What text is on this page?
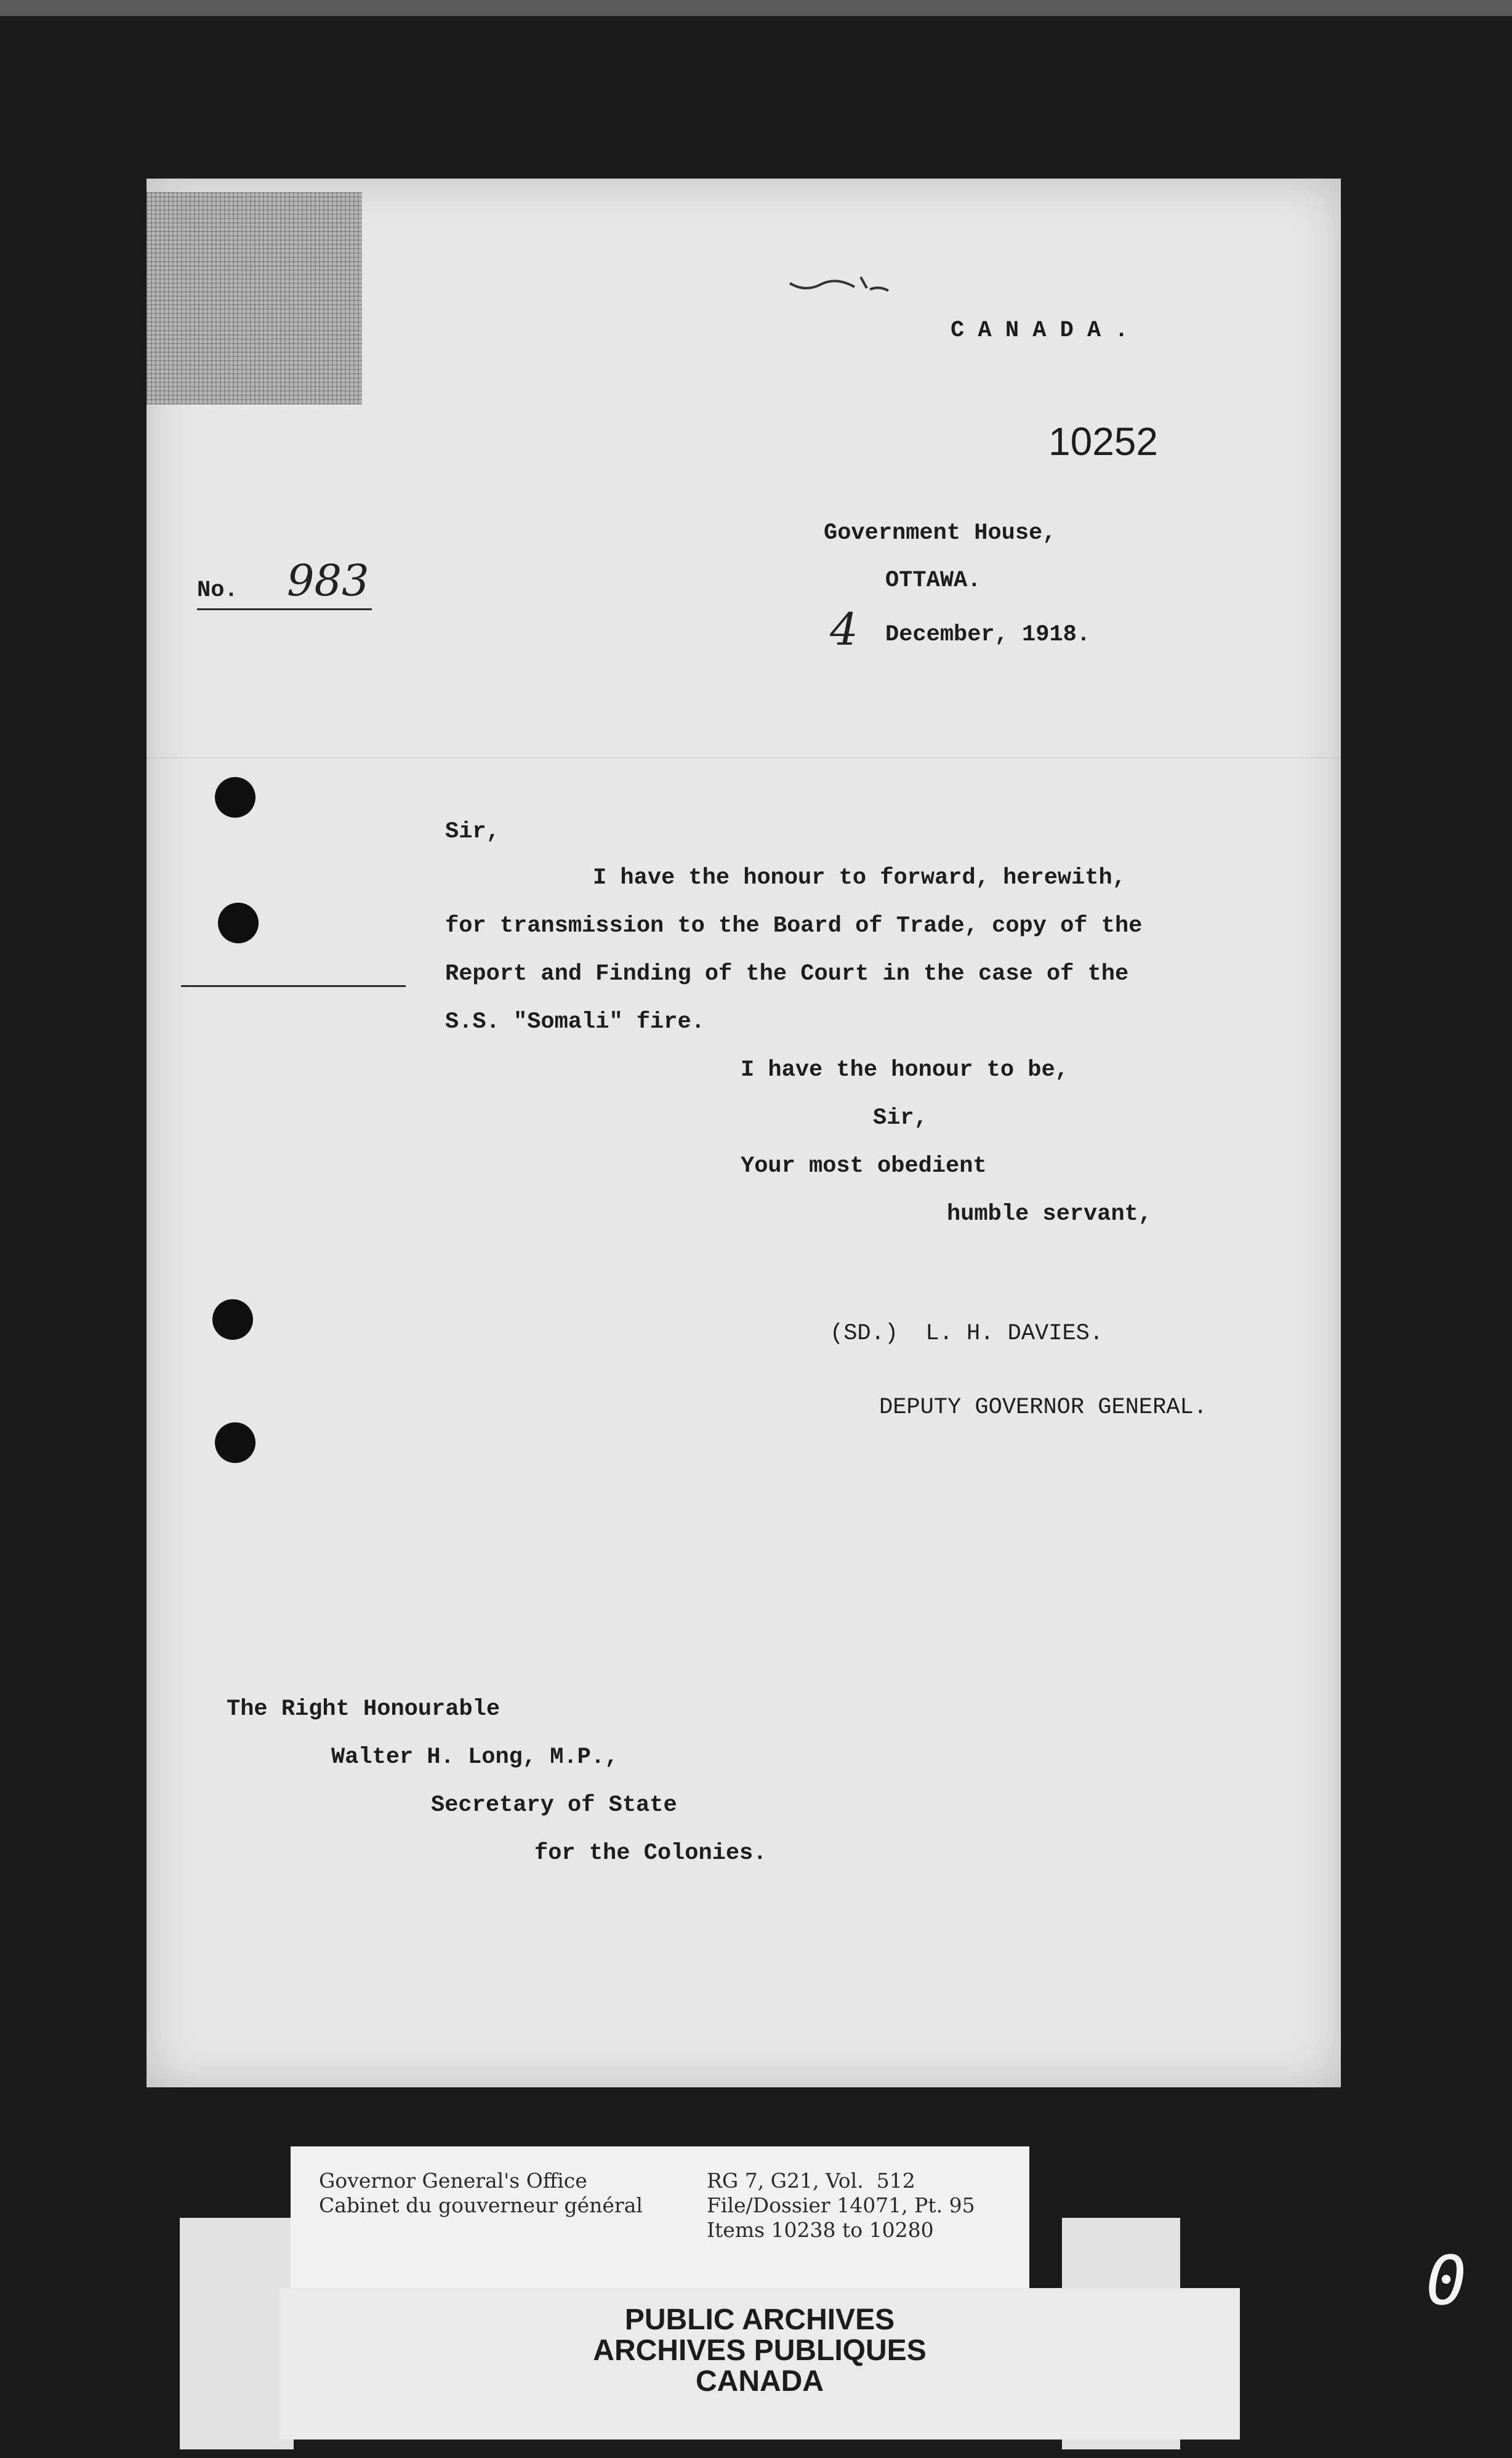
C A N A D A .
10252
Government House,
OTTAWA.
4 December, 1918.
No. 983
Sir,
I have the honour to forward, herewith,
for transmission to the Board of Trade, copy of the
Report and Finding of the Court in the case of the
S.S. "Somali" fire.
I have the honour to be,
Sir,
Your most obedient
humble servant,
(SD.)  L. H. DAVIES.
DEPUTY GOVERNOR GENERAL.
The Right Honourable
Walter H. Long, M.P.,
Secretary of State
for the Colonies.
Governor General's Office
Cabinet du gouverneur général
RG 7, G21, Vol.  512
File/Dossier 14071, Pt. 95
Items 10238 to 10280
PUBLIC ARCHIVES
ARCHIVES PUBLIQUES
CANADA
0
